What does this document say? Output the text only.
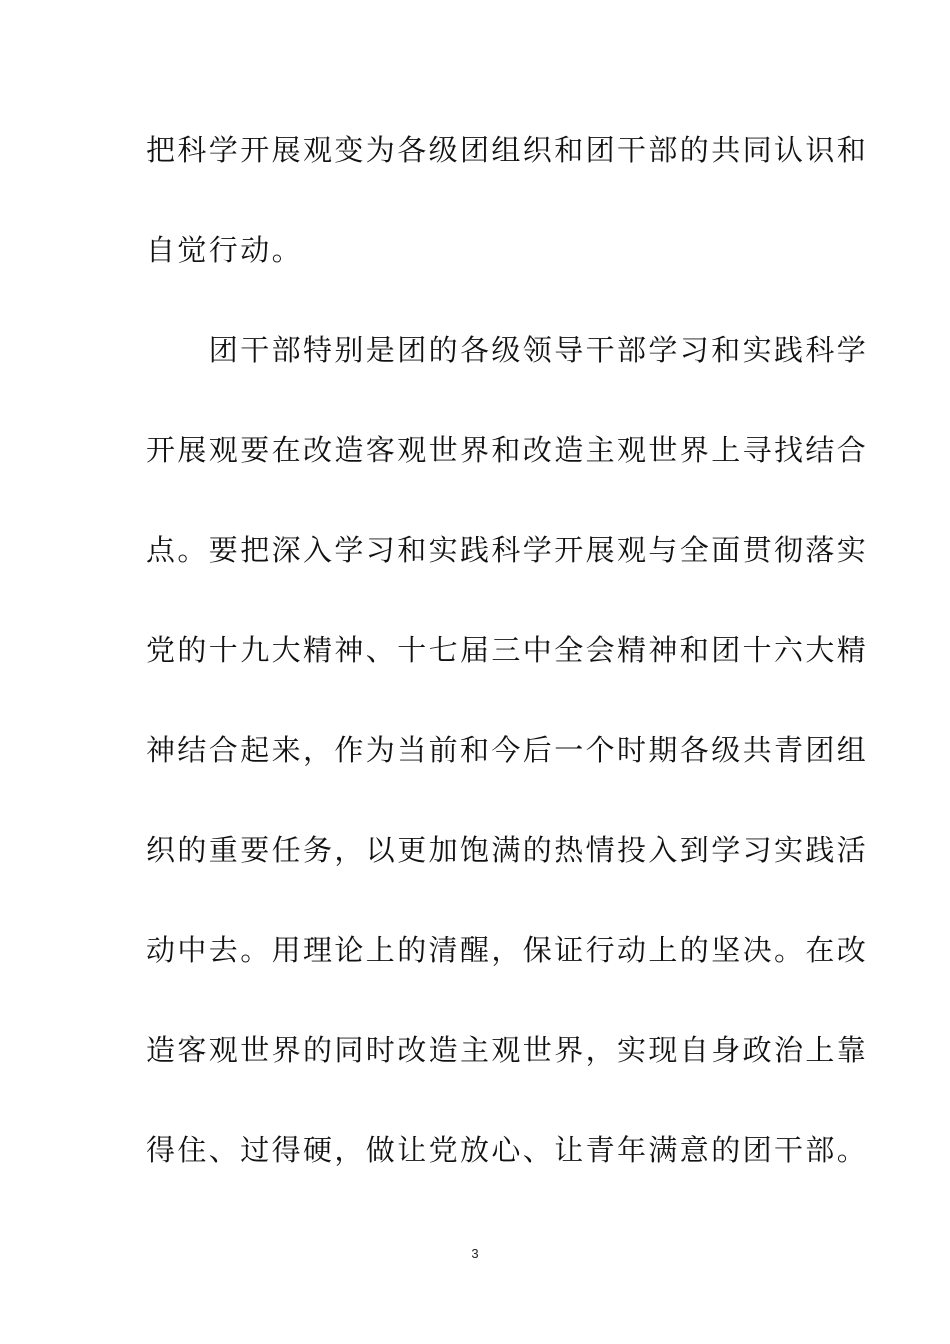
把科学开展观变为各级团组织和团干部的共同认识和
自觉行动。
　　团干部特别是团的各级领导干部学习和实践科学
开展观要在改造客观世界和改造主观世界上寻找结合
点。要把深入学习和实践科学开展观与全面贯彻落实
党的十九大精神、十七届三中全会精神和团十六大精
神结合起来，作为当前和今后一个时期各级共青团组
织的重要任务，以更加饱满的热情投入到学习实践活
动中去。用理论上的清醒，保证行动上的坚决。在改
造客观世界的同时改造主观世界，实现自身政治上靠
得住、过得硬，做让党放心、让青年满意的团干部。
3
